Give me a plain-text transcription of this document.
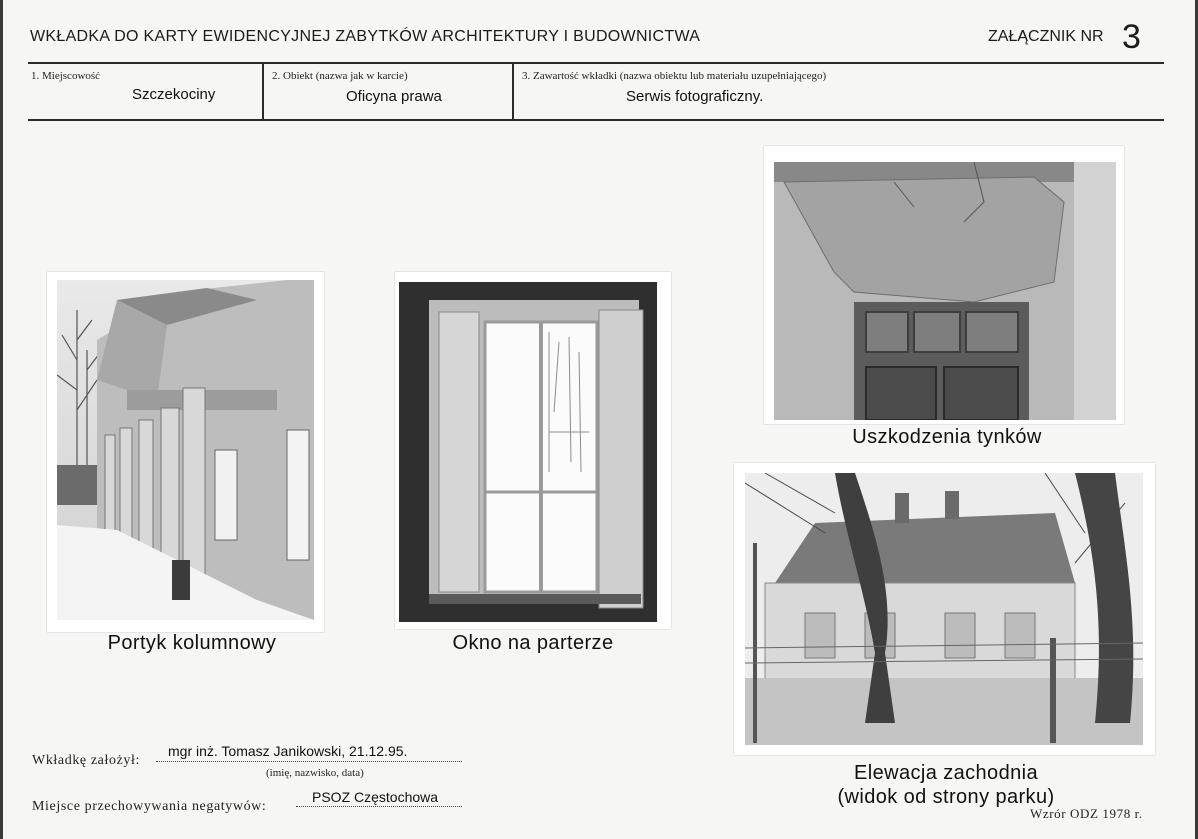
WKŁADKA DO KARTY EWIDENCYJNEJ ZABYTKÓW ARCHITEKTURY I BUDOWNICTWA	ZAŁĄCZNIK NR 3
1. Miejscowość
Szczekociny
2. Obiekt (nazwa jak w karcie)
Oficyna prawa
3. Zawartość wkładki (nazwa obiektu lub materiału uzupełniającego)
Serwis fotograficzny.
Portyk kolumnowy	Okno na parterze
Uszkodzenia tynków
Elewacja zachodnia
(widok od strony parku)
Wkładkę założył:
mgr inż. Tomasz Janikowski, 21.12.95.
(imię, nazwisko, data)
Miejsce przechowywania negatywów:
PSOZ Częstochowa
Wzrór ODZ 1978 r.
